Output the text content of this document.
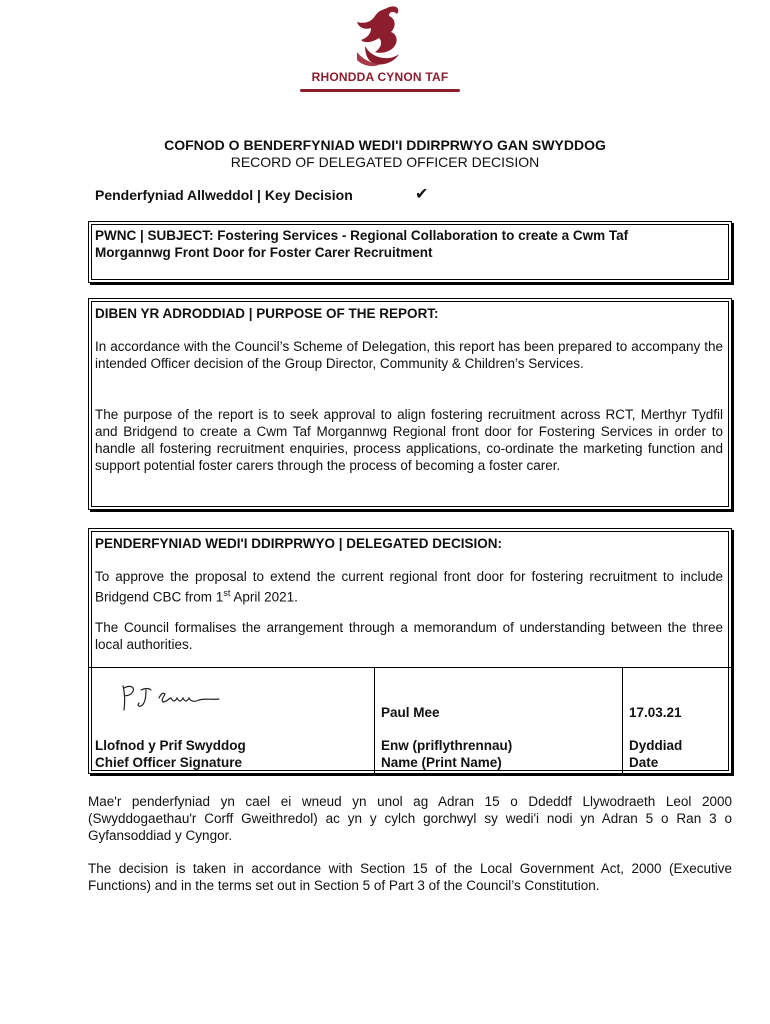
RHONDDA CYNON TAF
COFNOD O BENDERFYNIAD WEDI'I DDIRPRWYO GAN SWYDDOG
RECORD OF DELEGATED OFFICER DECISION
Penderfyniad Allweddol | Key Decision	✔
PWNC | SUBJECT: Fostering Services - Regional Collaboration to create a Cwm Taf
Morgannwg Front Door for Foster Carer Recruitment
DIBEN YR ADRODDIAD | PURPOSE OF THE REPORT:
In accordance with the Council’s Scheme of Delegation, this report has been prepared to accompany the intended Officer decision of the Group Director, Community & Children’s Services.
The purpose of the report is to seek approval to align fostering recruitment across RCT, Merthyr Tydfil and Bridgend to create a Cwm Taf Morgannwg Regional front door for Fostering Services in order to handle all fostering recruitment enquiries, process applications, co-ordinate the marketing function and support potential foster carers through the process of becoming a foster carer.
PENDERFYNIAD WEDI'I DDIRPRWYO | DELEGATED DECISION:
To approve the proposal to extend the current regional front door for fostering recruitment to include Bridgend CBC from 1st April 2021.
The Council formalises the arrangement through a memorandum of understanding between the three local authorities.
Paul Mee	17.03.21
Llofnod y Prif Swyddog
Chief Officer Signature
Enw (priflythrennau)
Name (Print Name)
Dyddiad
Date
Mae'r penderfyniad yn cael ei wneud yn unol ag Adran 15 o Ddeddf Llywodraeth Leol 2000 (Swyddogaethau'r Corff Gweithredol) ac yn y cylch gorchwyl sy wedi'i nodi yn Adran 5 o Ran 3 o Gyfansoddiad y Cyngor.
The decision is taken in accordance with Section 15 of the Local Government Act, 2000 (Executive Functions) and in the terms set out in Section 5 of Part 3 of the Council’s Constitution.
